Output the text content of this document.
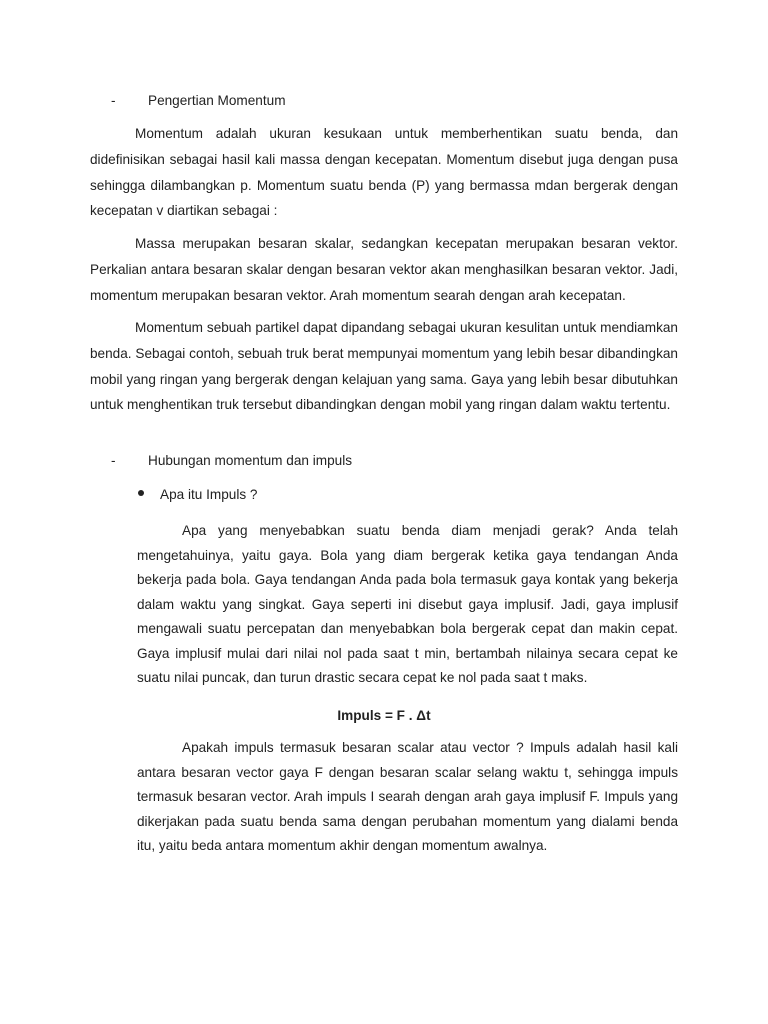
- Pengertian Momentum

Momentum adalah ukuran kesukaan untuk memberhentikan suatu benda, dan didefinisikan sebagai hasil kali massa dengan kecepatan. Momentum disebut juga dengan pusa sehingga dilambangkan p. Momentum suatu benda (P) yang bermassa mdan bergerak dengan kecepatan v diartikan sebagai :

Massa merupakan besaran skalar, sedangkan kecepatan merupakan besaran vektor. Perkalian antara besaran skalar dengan besaran vektor akan menghasilkan besaran vektor. Jadi, momentum merupakan besaran vektor. Arah momentum searah dengan arah kecepatan.

Momentum sebuah partikel dapat dipandang sebagai ukuran kesulitan untuk mendiamkan benda. Sebagai contoh, sebuah truk berat mempunyai momentum yang lebih besar dibandingkan mobil yang ringan yang bergerak dengan kelajuan yang sama. Gaya yang lebih besar dibutuhkan untuk menghentikan truk tersebut dibandingkan dengan mobil yang ringan dalam waktu tertentu.

- Hubungan momentum dan impuls
Apa itu Impuls ?

Apa yang menyebabkan suatu benda diam menjadi gerak? Anda telah mengetahuinya, yaitu gaya. Bola yang diam bergerak ketika gaya tendangan Anda bekerja pada bola. Gaya tendangan Anda pada bola termasuk gaya kontak yang bekerja dalam waktu yang singkat. Gaya seperti ini disebut gaya implusif. Jadi, gaya implusif mengawali suatu percepatan dan menyebabkan bola bergerak cepat dan makin cepat. Gaya implusif mulai dari nilai nol pada saat t min, bertambah nilainya secara cepat ke suatu nilai puncak, dan turun drastic secara cepat ke nol pada saat t maks.

Impuls = F . Δt

Apakah impuls termasuk besaran scalar atau vector ? Impuls adalah hasil kali antara besaran vector gaya F dengan besaran scalar selang waktu t, sehingga impuls termasuk besaran vector. Arah impuls I searah dengan arah gaya implusif F. Impuls yang dikerjakan pada suatu benda sama dengan perubahan momentum yang dialami benda itu, yaitu beda antara momentum akhir dengan momentum awalnya.
